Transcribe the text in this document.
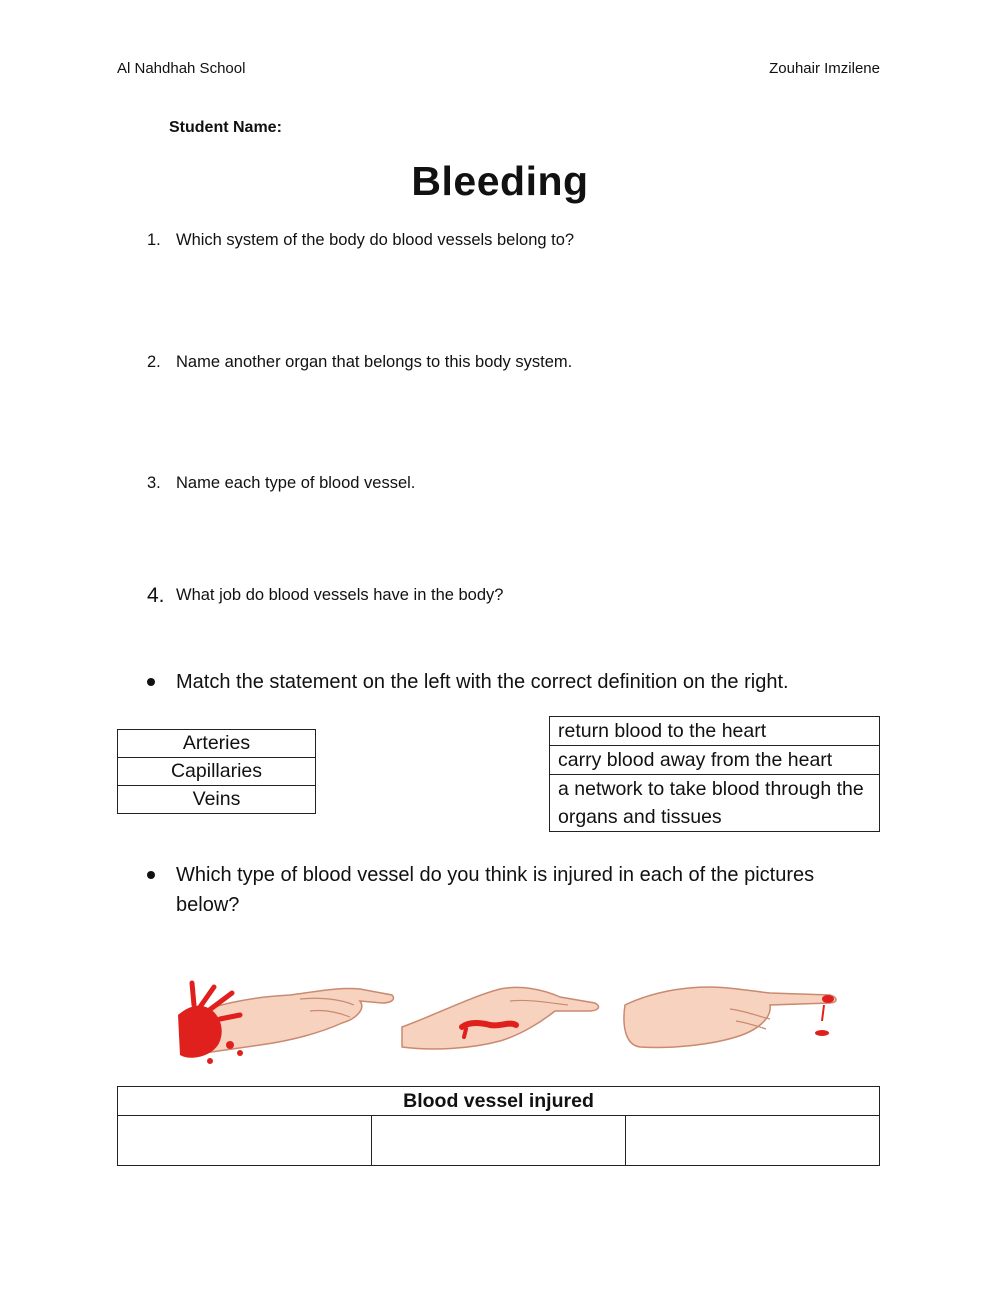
Al Nahdhah School	Zouhair Imzilene
Student Name:
Bleeding
1. Which system of the body do blood vessels belong to?
2. Name another organ that belongs to this body system.
3. Name each type of blood vessel.
4. What job do blood vessels have in the body?
Match the statement on the left with the correct definition on the right.
Arteries
Capillaries
Veins
return blood to the heart
carry blood away from the heart
a network to take blood through the organs and tissues
Which type of blood vessel do you think is injured in each of the pictures below?
Blood vessel injured
